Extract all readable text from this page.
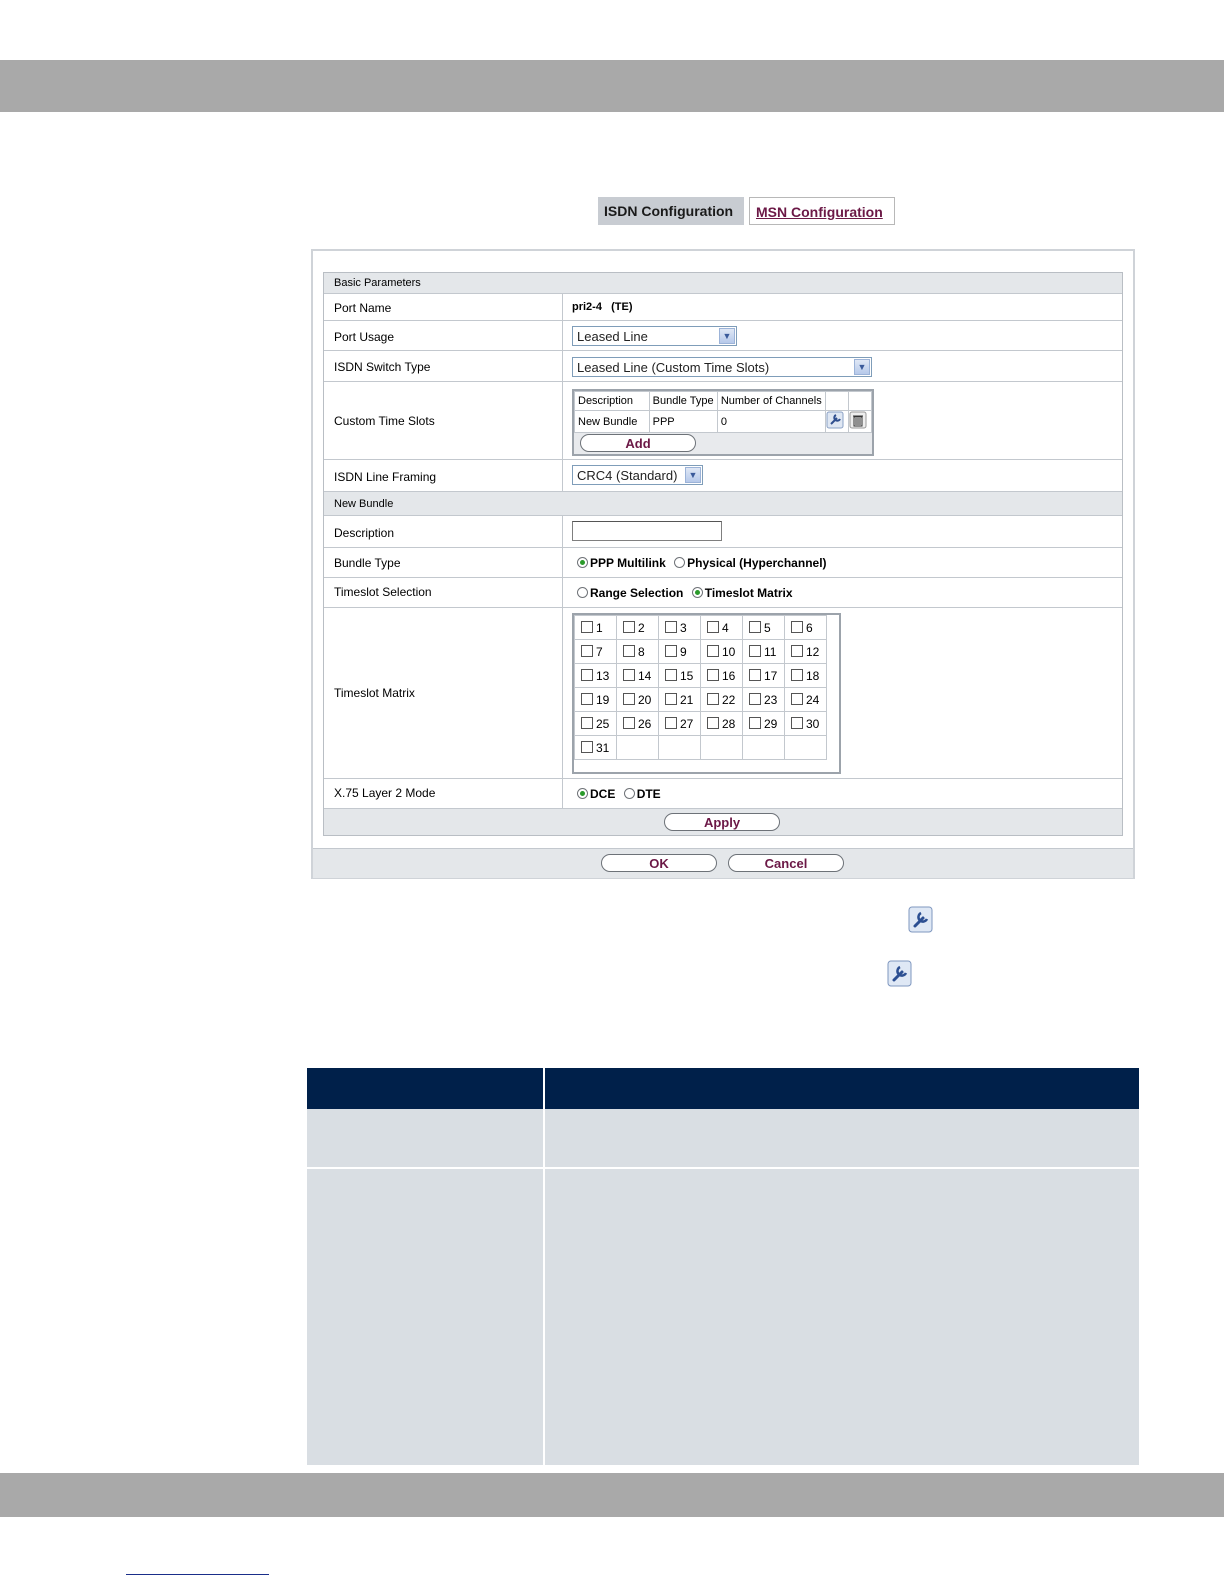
ISDN Configuration	MSN Configuration
Basic Parameters
Port Name	pri2-4   (TE)
Port Usage	Leased Line	▼
ISDN Switch Type	Leased Line (Custom Time Slots)	▼
Custom Time Slots
Description	Bundle Type	Number of Channels		
New Bundle	PPP	0		
Add
ISDN Line Framing	CRC4 (Standard)	▼
New Bundle
Description
Bundle Type	PPP Multilink Physical (Hyperchannel)
Timeslot Selection	Range Selection Timeslot Matrix
Timeslot Matrix
1	2	3	4	5	6
7	8	9	10	11	12
13	14	15	16	17	18
19	20	21	22	23	24
25	26	27	28	29	30
31					
X.75 Layer 2 Mode	DCE DTE
Apply
OK	Cancel
